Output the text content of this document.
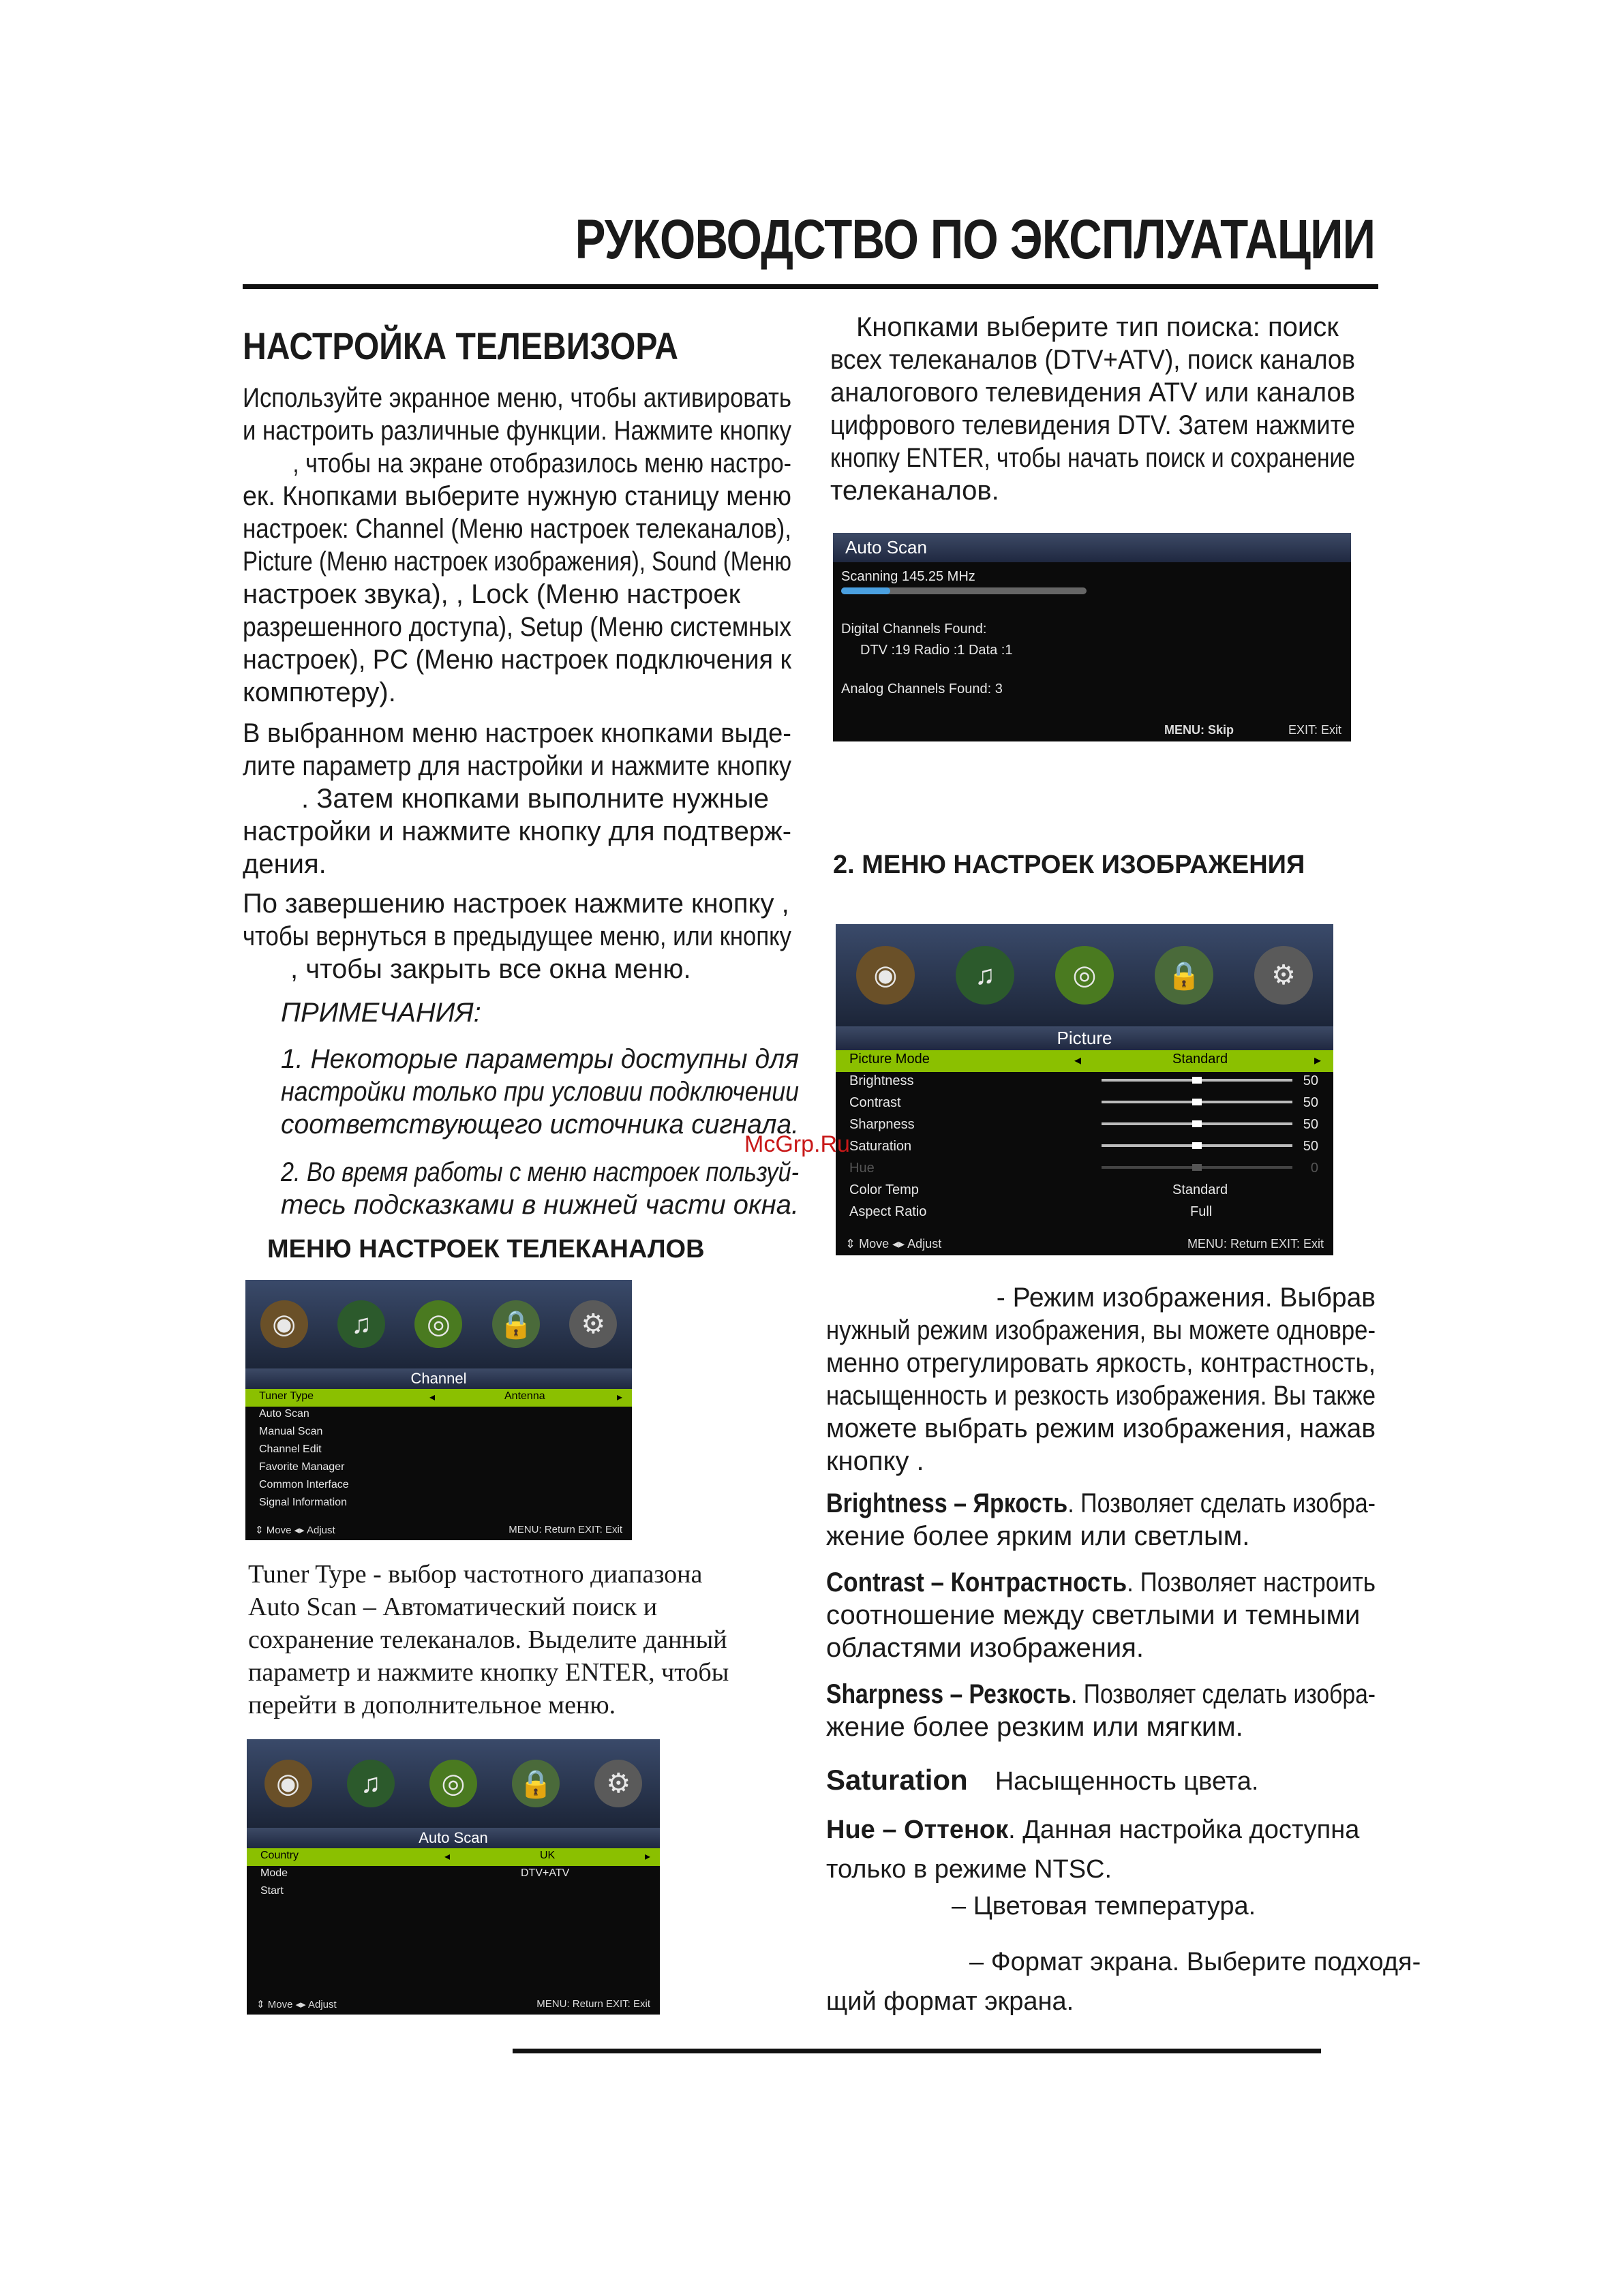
РУКОВОДСТВО ПО ЭКСПЛУАТАЦИИ
НАСТРОЙКА ТЕЛЕВИЗОРА
Используйте экранное меню, чтобы активировать
и настроить различные функции. Нажмите кнопку
, чтобы на экране отобразилось меню настро-
ек. Кнопками выберите нужную станицу меню
настроек: Channel (Меню настроек телеканалов),
Picture (Меню настроек изображения), Sound (Меню
настроек звука), , Lock (Меню настроек
разрешенного доступа), Setup (Меню системных
настроек), PC (Меню настроек подключения к
компютеру).
В выбранном меню настроек кнопками выде-
лите параметр для настройки и нажмите кнопку
. Затем кнопками выполните нужные
настройки и нажмите кнопку для подтверж-
дения.
По завершению настроек нажмите кнопку ,
чтобы вернуться в предыдущее меню, или кнопку
, чтобы закрыть все окна меню.
ПРИМЕЧАНИЯ:
1. Некоторые параметры доступны для
настройки только при условии подключении
соответствующего источника сигнала.
2. Во время работы с меню настроек пользуй-
тесь подсказками в нижней части окна.
МЕНЮ НАСТРОЕК ТЕЛЕКАНАЛОВ
◉	♫	◎	🔒	⚙
Channel
Tuner Type	◂	Antenna	▸
Auto Scan
Manual Scan
Channel Edit
Favorite Manager
Common Interface
Signal Information
⇕ Move ◂▸ Adjust	MENU: Return EXIT: Exit
Tuner Type - выбор частотного диапазона
Auto Scan – Автоматический поиск и
сохранение телеканалов. Выделите данный
параметр и нажмите кнопку ENTER, чтобы
перейти в дополнительное меню.
◉	♫	◎	🔒	⚙
Auto Scan
Country	◂	UK	▸
Mode	DTV+ATV
Start
⇕ Move ◂▸ Adjust	MENU: Return EXIT: Exit
Кнопками выберите тип поиска: поиск
всех телеканалов (DTV+ATV), поиск каналов
аналогового телевидения ATV или каналов
цифрового телевидения DTV. Затем нажмите
кнопку ENTER, чтобы начать поиск и сохранение
телеканалов.
Auto Scan
Scanning 145.25 MHz
Digital Channels Found:
DTV :19 Radio :1 Data :1
Analog Channels Found: 3
MENU: Skip	EXIT: Exit
2. МЕНЮ НАСТРОЕК ИЗОБРАЖЕНИЯ
◉	♫	◎	🔒	⚙
Picture
Picture Mode	◂	Standard	▸
Brightness	50
Contrast	50
Sharpness	50
Saturation	50
Hue	0
Color Temp	Standard
Aspect Ratio	Full
⇕ Move ◂▸ Adjust	MENU: Return EXIT: Exit
McGrp.Ru
- Режим изображения. Выбрав
нужный режим изображения, вы можете одновре-
менно отрегулировать яркость, контрастность,
насыщенность и резкость изображения. Вы также
можете выбрать режим изображения, нажав
кнопку .
Brightness – Яркость. Позволяет сделать изобра-
жение более ярким или светлым.
Contrast – Контрастность. Позволяет настроить
соотношение между светлыми и темными
областями изображения.
Sharpness – Резкость. Позволяет сделать изобра-
жение более резким или мягким.
Saturation Насыщенность цвета.
Hue – Оттенок. Данная настройка доступна
только в режиме NTSC.
– Цветовая температура.
– Формат экрана. Выберите подходя-
щий формат экрана.
